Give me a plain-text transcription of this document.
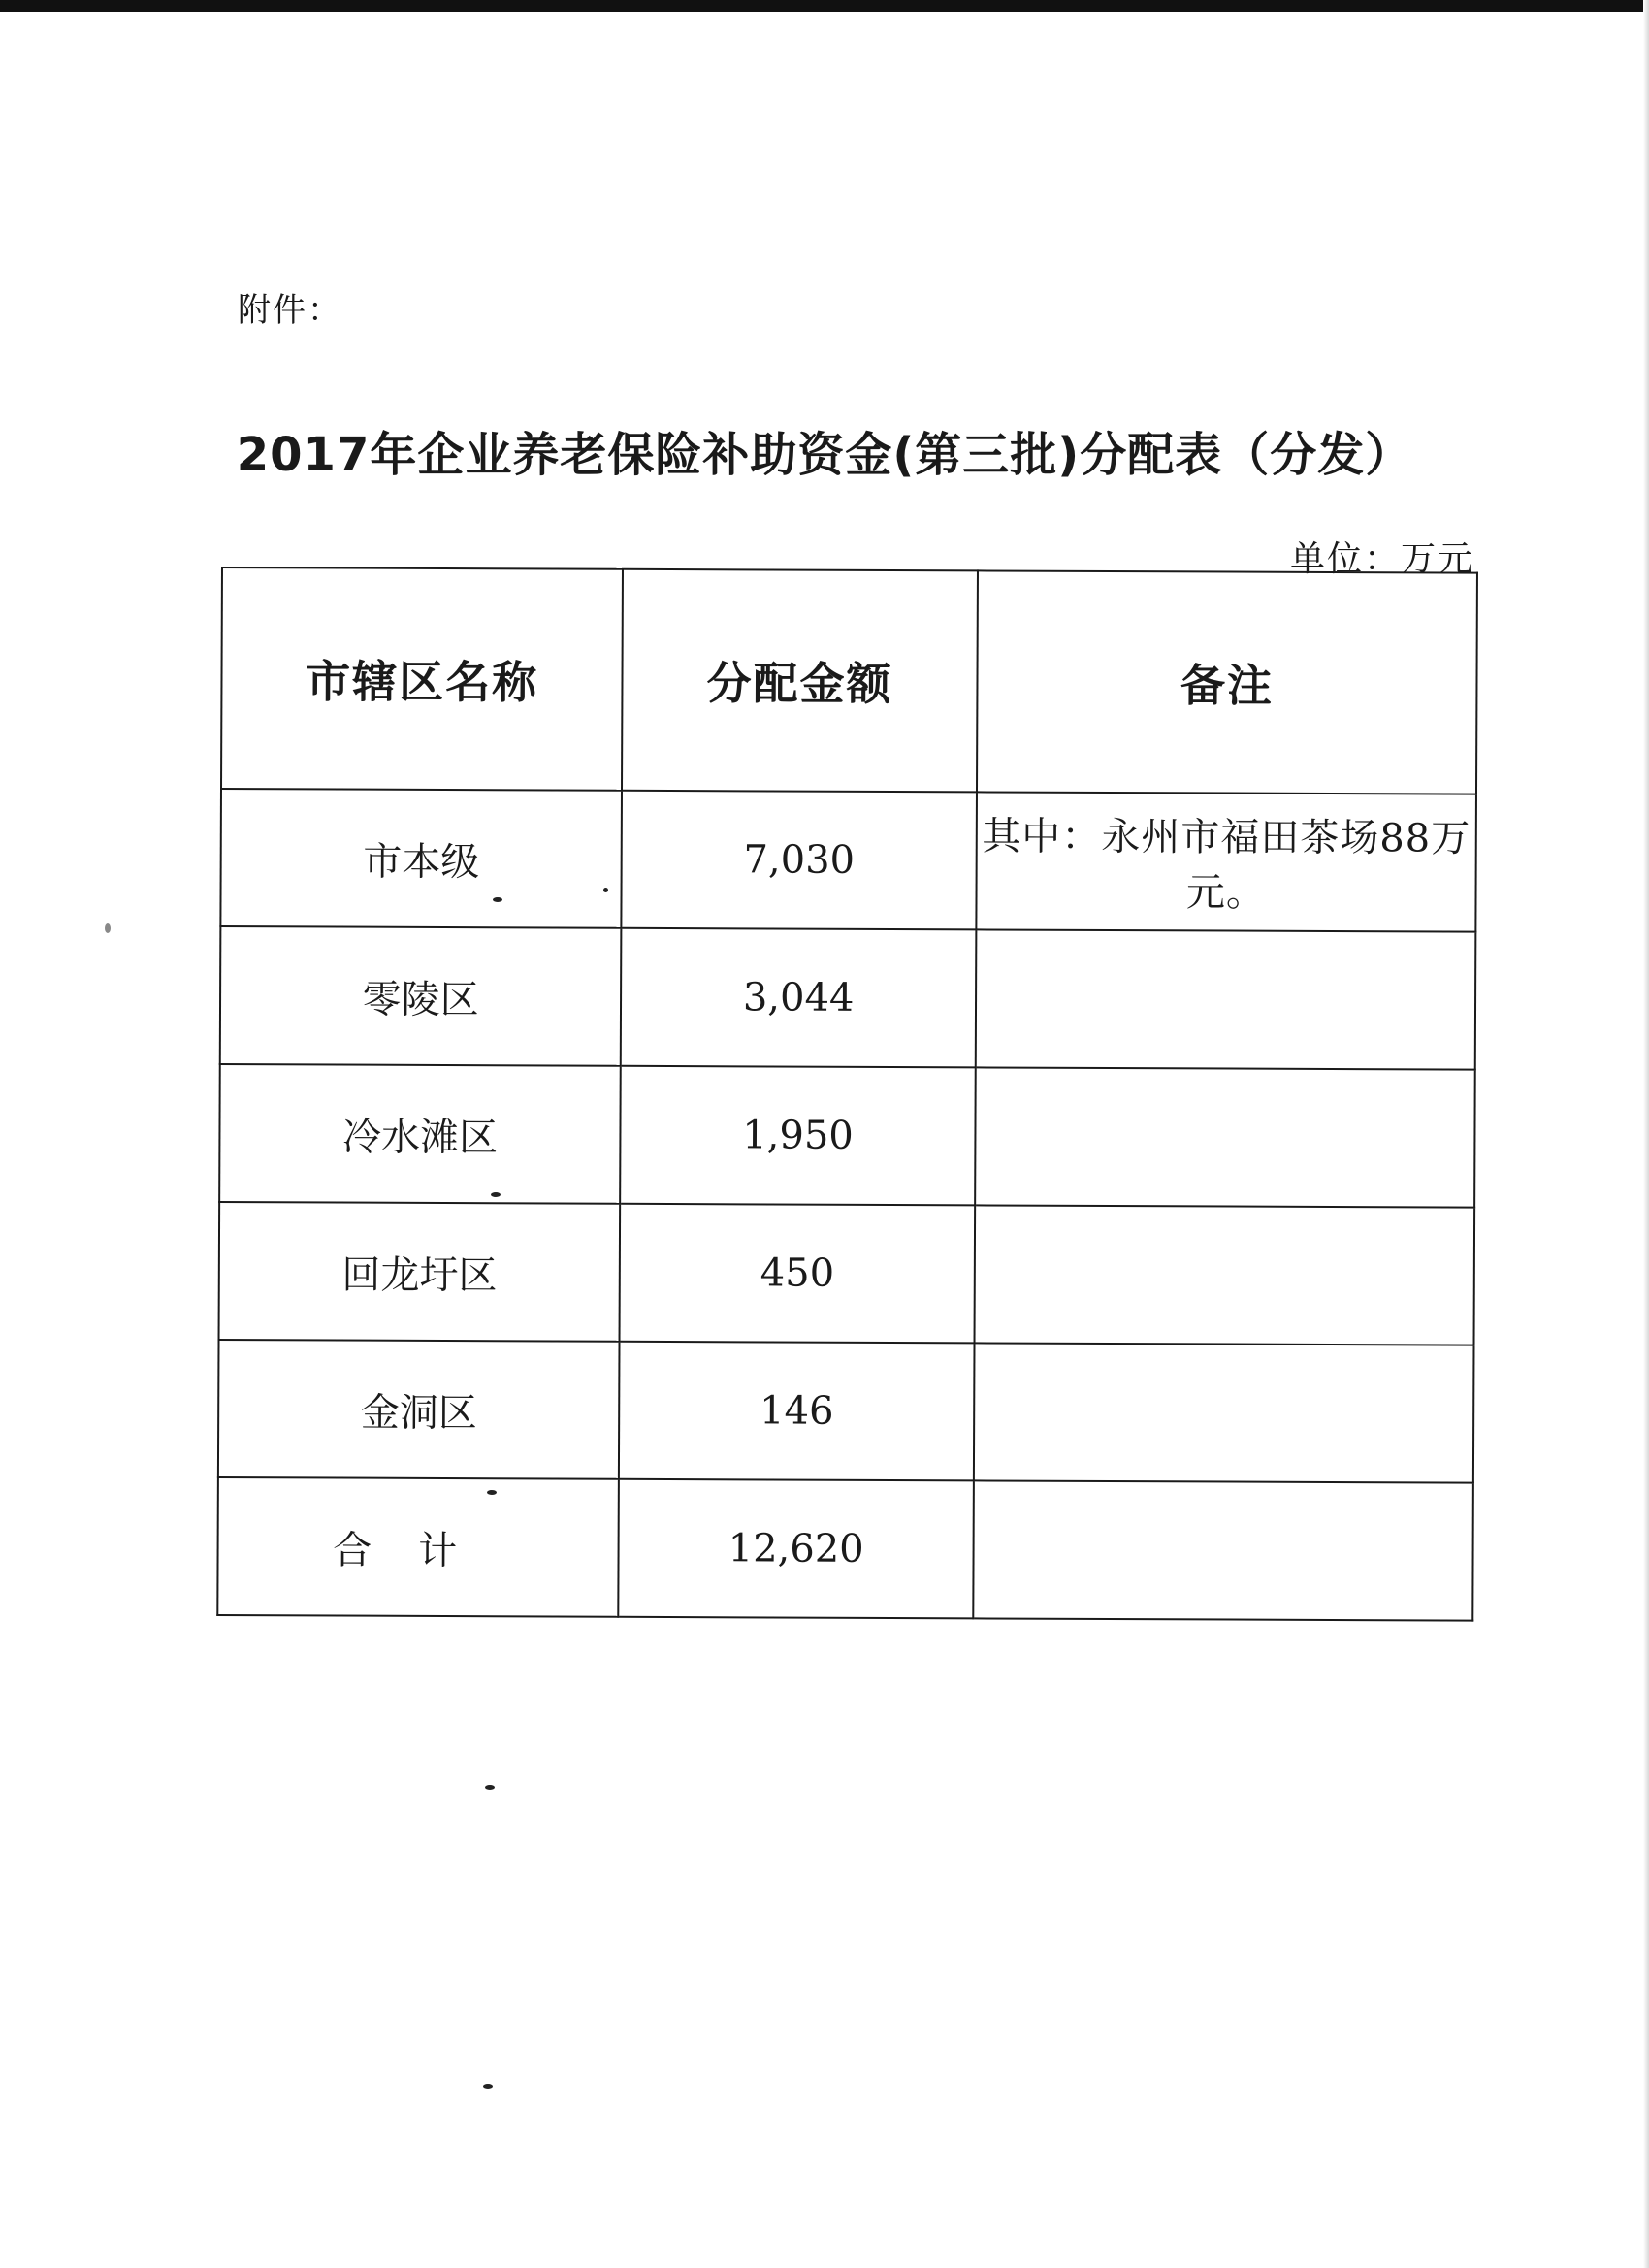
附件：
2017年企业养老保险补助资金(第三批)分配表（分发）
单位：万元
市辖区名称	分配金额	备注
市本级	7,030	其中：永州市福田茶场88万元。
零陵区	3,044	
冷水滩区	1,950	
回龙圩区	450	
金洞区	146	
合计	12,620	
